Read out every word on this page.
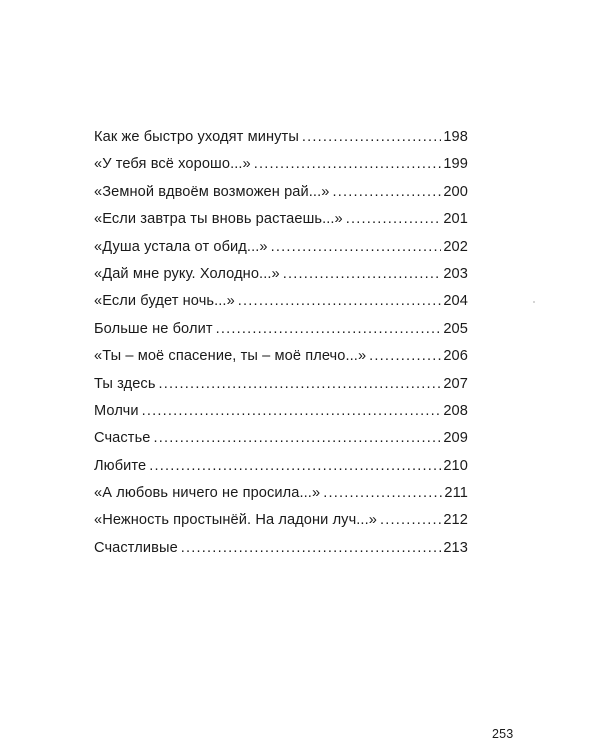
Как же быстро уходят минуты .....	198
«У тебя всё хорошо...» .....	199
«Земной вдвоём возможен рай...» .....	200
«Если завтра ты вновь растаешь...» .....	201
«Душа устала от обид...» .....	202
«Дай мне руку. Холодно...» .....	203
«Если будет ночь...» .....	204
Больше не болит .....	205
«Ты – моё спасение, ты – моё плечо...» .....	206
Ты здесь .....	207
Молчи .....	208
Счастье .....	209
Любите .....	210
«А любовь ничего не просила...» .....	211
«Нежность простынёй. На ладони луч...» .....	212
Счастливые .....	213
253
